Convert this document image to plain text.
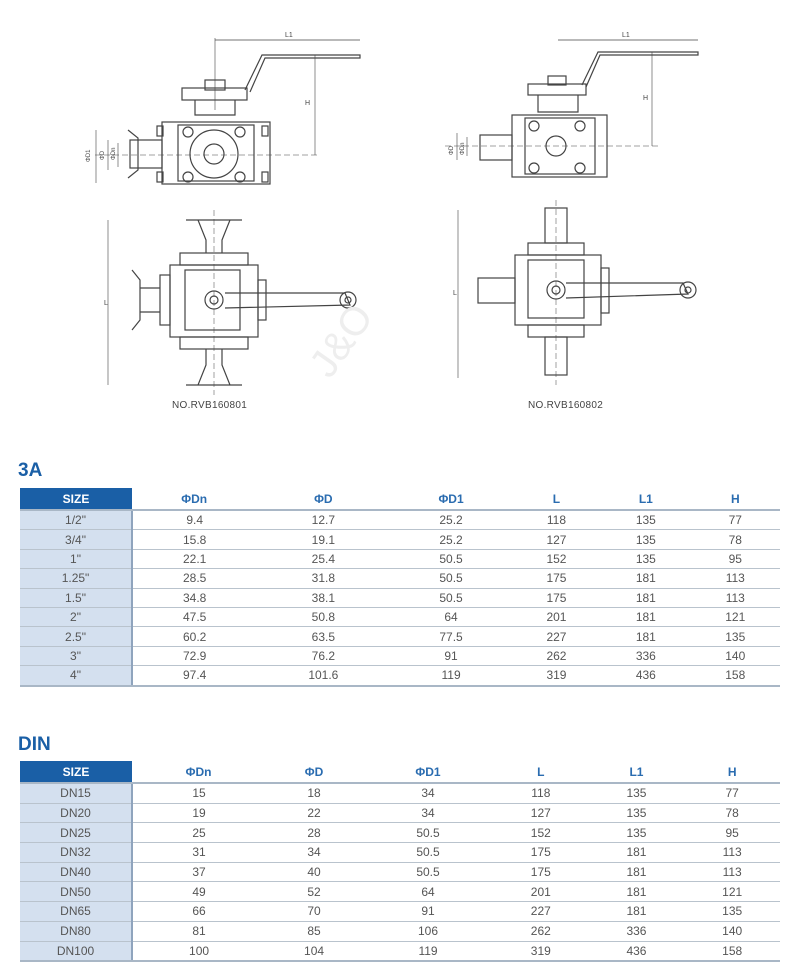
L1
H
ΦD1 ΦD ΦDn
L
L1
H
ΦD ΦDn
L
J&O
NO.RVB160801	NO.RVB160802
3A
SIZE	ΦDn	ΦD	ΦD1	L	L1	H
1/2"	9.4	12.7	25.2	118	135	77
3/4"	15.8	19.1	25.2	127	135	78
1"	22.1	25.4	50.5	152	135	95
1.25"	28.5	31.8	50.5	175	181	113
1.5"	34.8	38.1	50.5	175	181	113
2"	47.5	50.8	64	201	181	121
2.5"	60.2	63.5	77.5	227	181	135
3"	72.9	76.2	91	262	336	140
4"	97.4	101.6	119	319	436	158
DIN
SIZE	ΦDn	ΦD	ΦD1	L	L1	H
DN15	15	18	34	118	135	77
DN20	19	22	34	127	135	78
DN25	25	28	50.5	152	135	95
DN32	31	34	50.5	175	181	113
DN40	37	40	50.5	175	181	113
DN50	49	52	64	201	181	121
DN65	66	70	91	227	181	135
DN80	81	85	106	262	336	140
DN100	100	104	119	319	436	158
